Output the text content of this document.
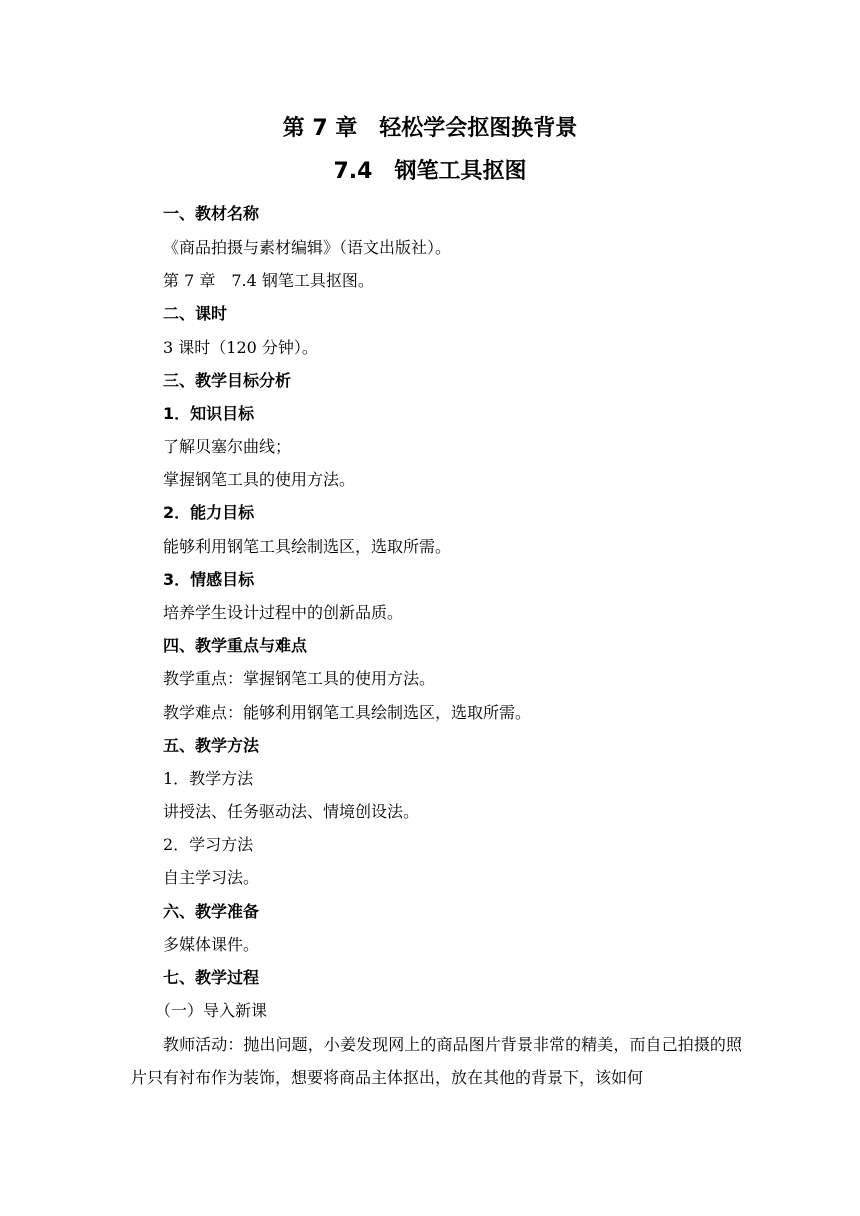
第 7 章　轻松学会抠图换背景
7.4　钢笔工具抠图
一、教材名称
《商品拍摄与素材编辑》（语文出版社）。
第 7 章　7.4 钢笔工具抠图。
二、课时
3 课时（120 分钟）。
三、教学目标分析
1．知识目标
了解贝塞尔曲线；
掌握钢笔工具的使用方法。
2．能力目标
能够利用钢笔工具绘制选区，选取所需。
3．情感目标
培养学生设计过程中的创新品质。
四、教学重点与难点
教学重点：掌握钢笔工具的使用方法。
教学难点：能够利用钢笔工具绘制选区，选取所需。
五、教学方法
1．教学方法
讲授法、任务驱动法、情境创设法。
2．学习方法
自主学习法。
六、教学准备
多媒体课件。
七、教学过程
（一）导入新课
教师活动：抛出问题，小姜发现网上的商品图片背景非常的精美，而自己拍摄的照片只有衬布作为装饰，想要将商品主体抠出，放在其他的背景下，该如何
